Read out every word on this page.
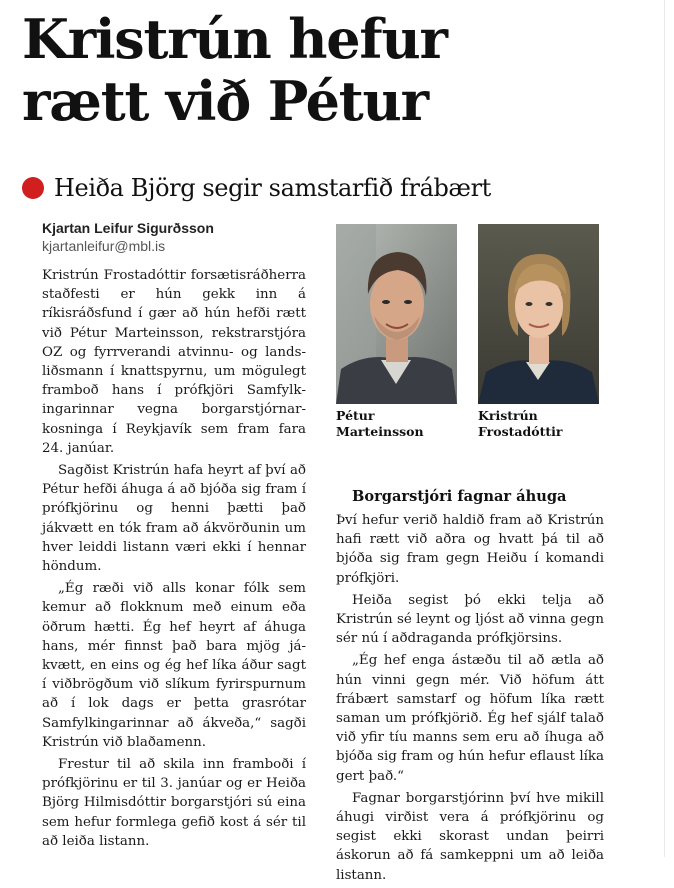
Kristrún hefur
rætt við Pétur
Heiða Björg segir samstarfið frábært
Kjartan Leifur Sigurðsson
kjartanleifur@mbl.is

Kristrún Frostadóttir forsætisráðherra staðfesti er hún gekk inn á ríkisráðsfund í gær að hún hefði rætt við Pétur Marteinsson, rekstrarstjóra OZ og fyrrverandi atvinnu- og landsliðsmann í knattspyrnu, um mögulegt framboð hans í prófkjöri Samfylkingarinnar vegna borgarstjórnarkosninga í Reykjavík sem fram fara 24. janúar.

Sagðist Kristrún hafa heyrt af því að Pétur hefði áhuga á að bjóða sig fram í prófkjörinu og henni þætti það jákvætt en tók fram að ákvörðunin um hver leiddi listann væri ekki í hennar höndum.

„Ég ræði við alls konar fólk sem kemur að flokknum með einum eða öðrum hætti. Ég hef heyrt af áhuga hans, mér finnst það bara mjög jákvætt, en eins og ég hef líka áður sagt í viðbrögðum við slíkum fyrirspurnum að í lok dags er þetta grasrótar Samfylkingarinnar að ákveða,“ sagði Kristrún við blaðamenn.

Frestur til að skila inn framboði í prófkjörinu er til 3. janúar og er Heiða Björg Hilmisdóttir borgarstjóri sú eina sem hefur formlega gefið kost á sér til að leiða listann.

Pétur Marteinsson
Kristrún Frostadóttir

Borgarstjóri fagnar áhuga

Því hefur verið haldið fram að Kristrún hafi rætt við aðra og hvatt þá til að bjóða sig fram gegn Heiðu í komandi prófkjöri.

Heiða segist þó ekki telja að Kristrún sé leynt og ljóst að vinna gegn sér nú í aðdraganda prófkjörsins.

„Ég hef enga ástæðu til að ætla að hún vinni gegn mér. Við höfum átt frábært samstarf og höfum líka rætt saman um prófkjörið. Ég hef sjálf talað við yfir tíu manns sem eru að íhuga að bjóða sig fram og hún hefur eflaust líka gert það.“

Fagnar borgarstjórinn því hve mikill áhugi virðist vera á prófkjörinu og segist ekki skorast undan þeirri áskorun að fá samkeppni um að leiða listann.
